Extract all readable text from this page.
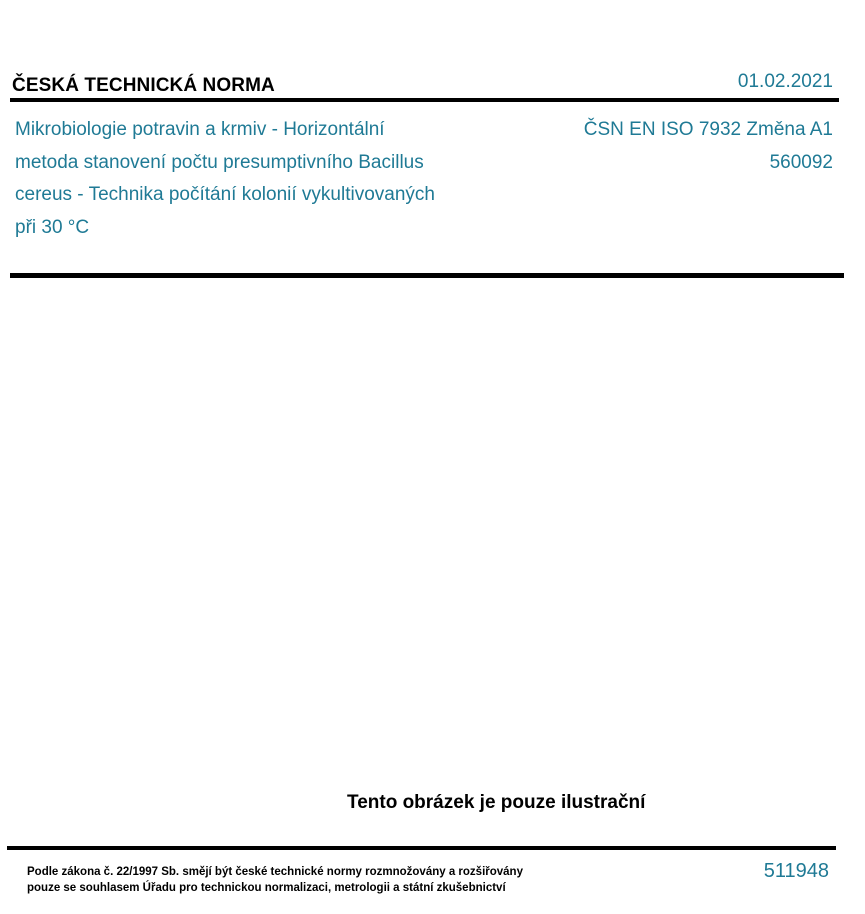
ČESKÁ TECHNICKÁ NORMA	01.02.2021
Mikrobiologie potravin a krmiv - Horizontální
metoda stanovení počtu presumptivního Bacillus
cereus - Technika počítání kolonií vykultivovaných
při 30 °C
ČSN EN ISO 7932 Změna A1
560092
Tento obrázek je pouze ilustrační
Podle zákona č. 22/1997 Sb. smějí být české technické normy rozmnožovány a rozšiřovány
pouze se souhlasem Úřadu pro technickou normalizaci, metrologii a státní zkušebnictví
511948
